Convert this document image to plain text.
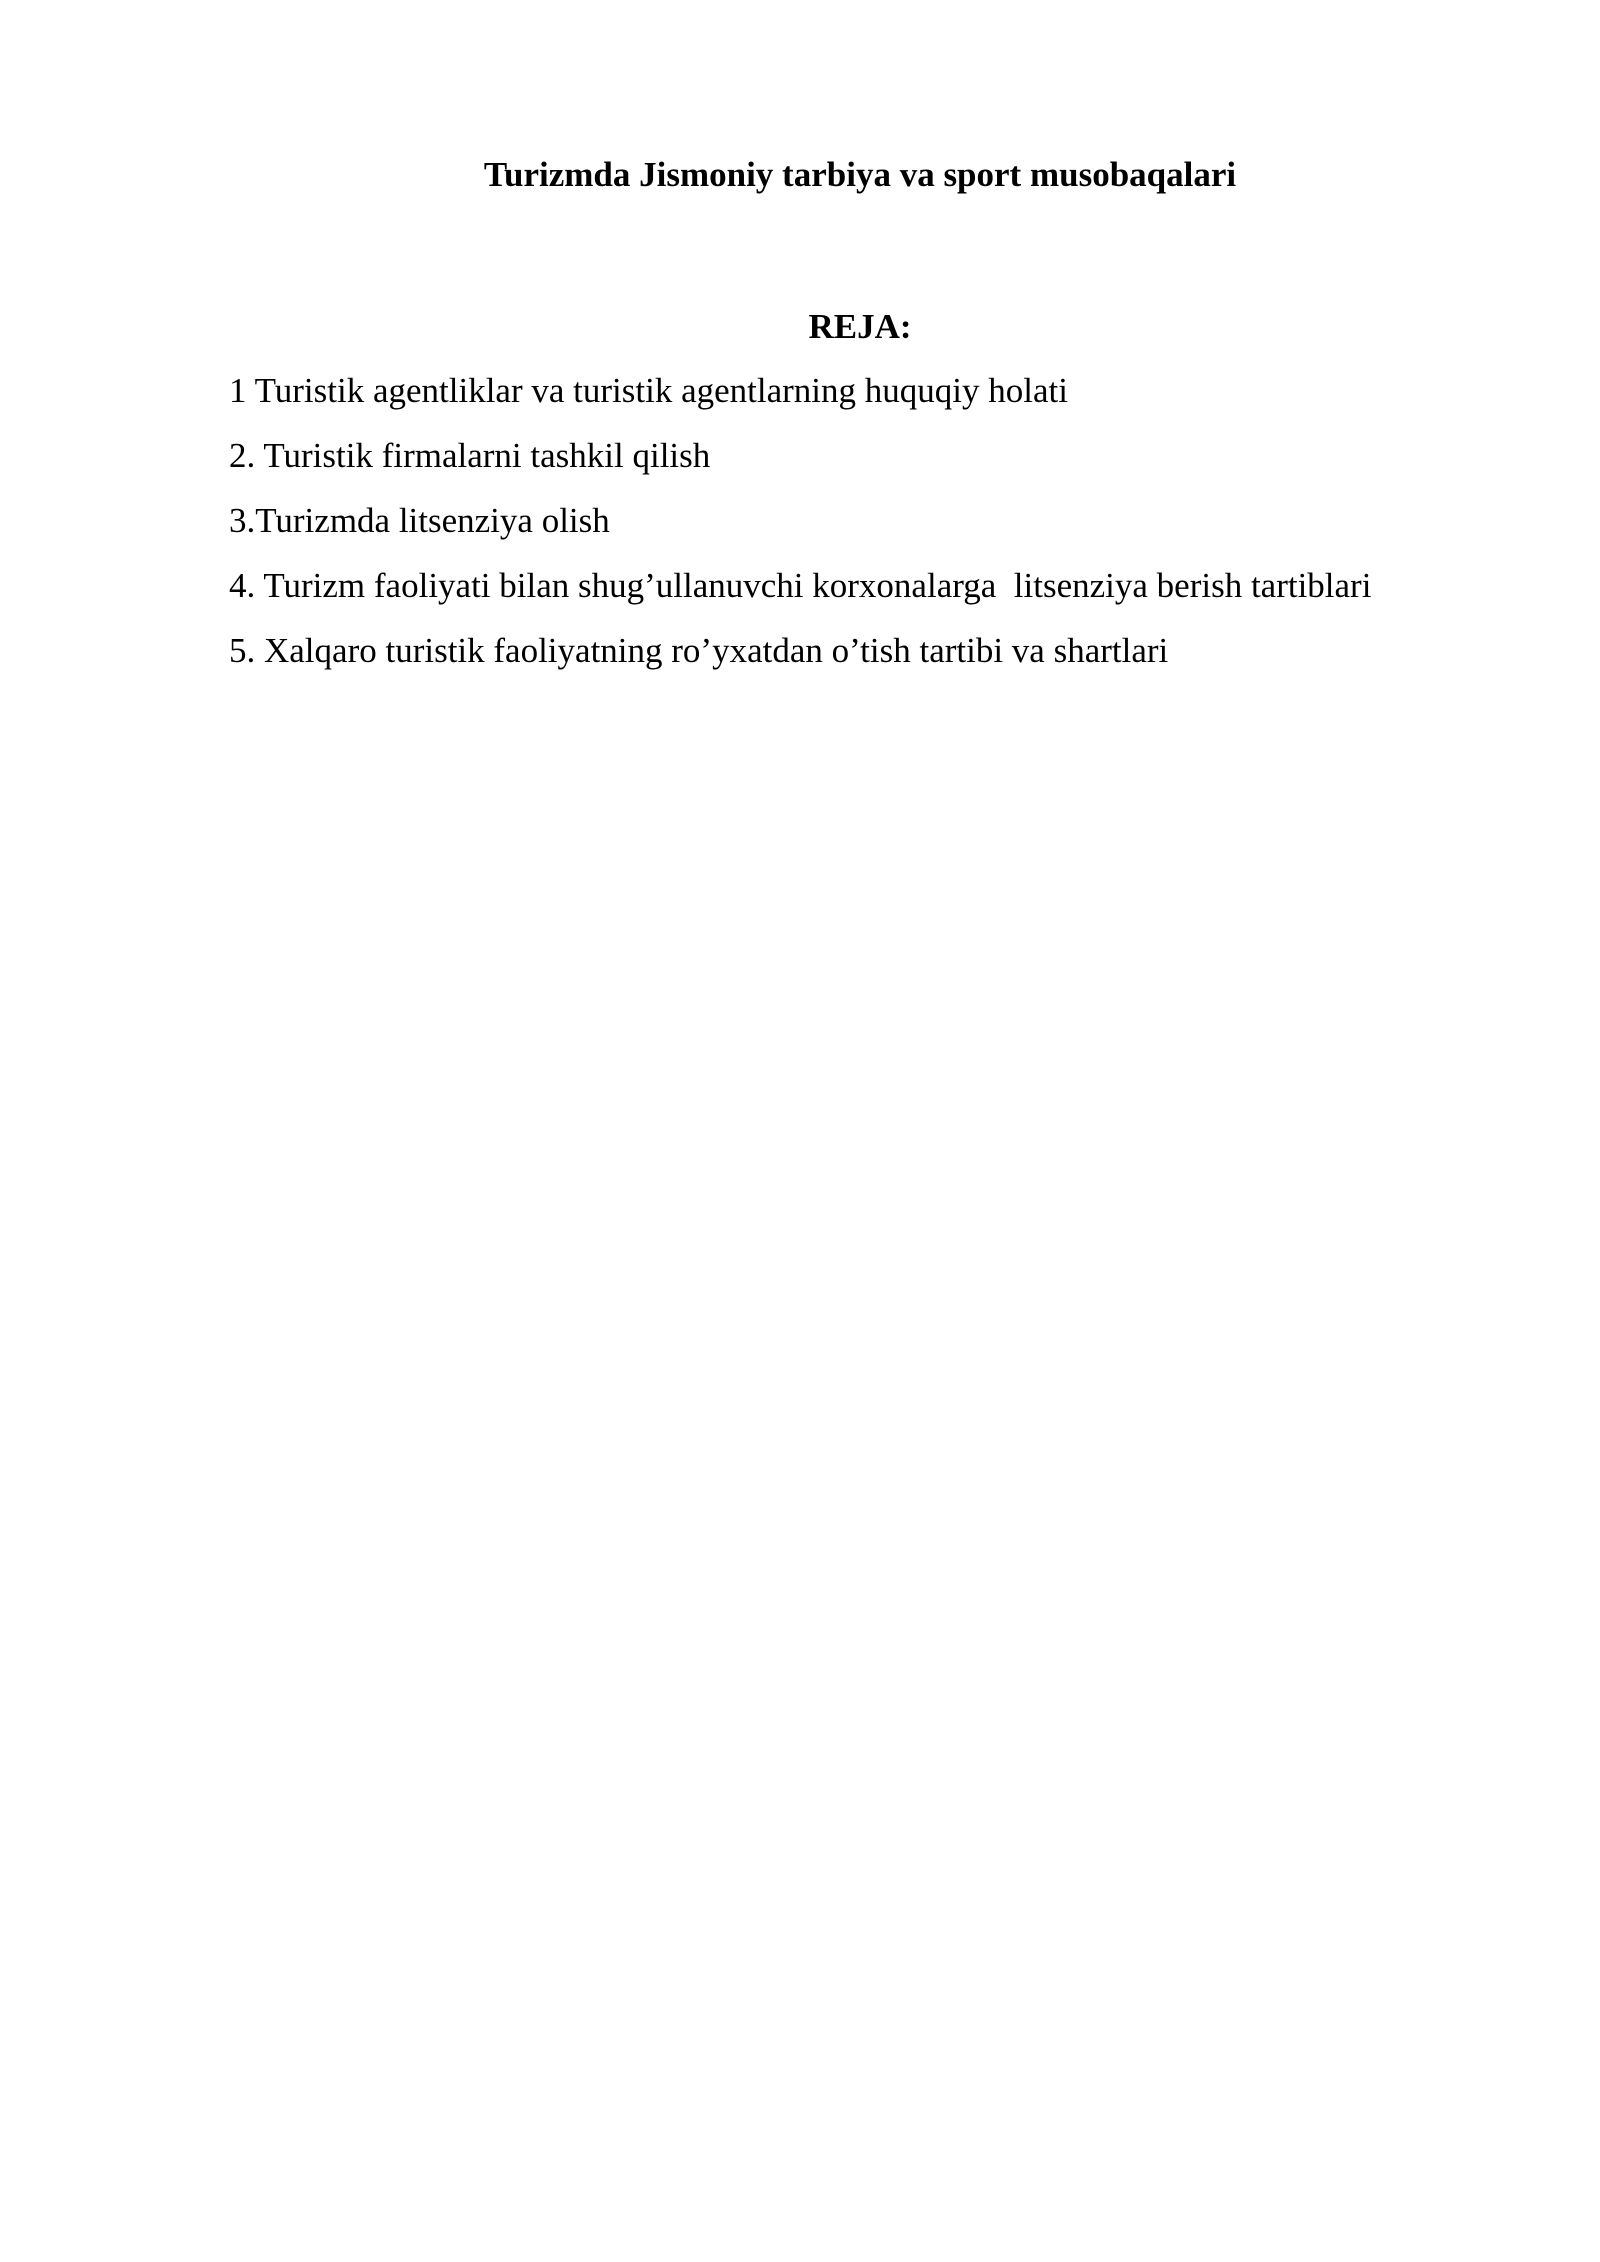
Turizmda Jismoniy tarbiya va sport musobaqalari
REJA:
1 Turistik agentliklar va turistik agentlarning huquqiy holati
2. Turistik firmalarni tashkil qilish
3.Turizmda litsenziya olish
4. Turizm faoliyati bilan shug’ullanuvchi korxonalarga  litsenziya berish tartiblari
5. Xalqaro turistik faoliyatning ro’yxatdan o’tish tartibi va shartlari
